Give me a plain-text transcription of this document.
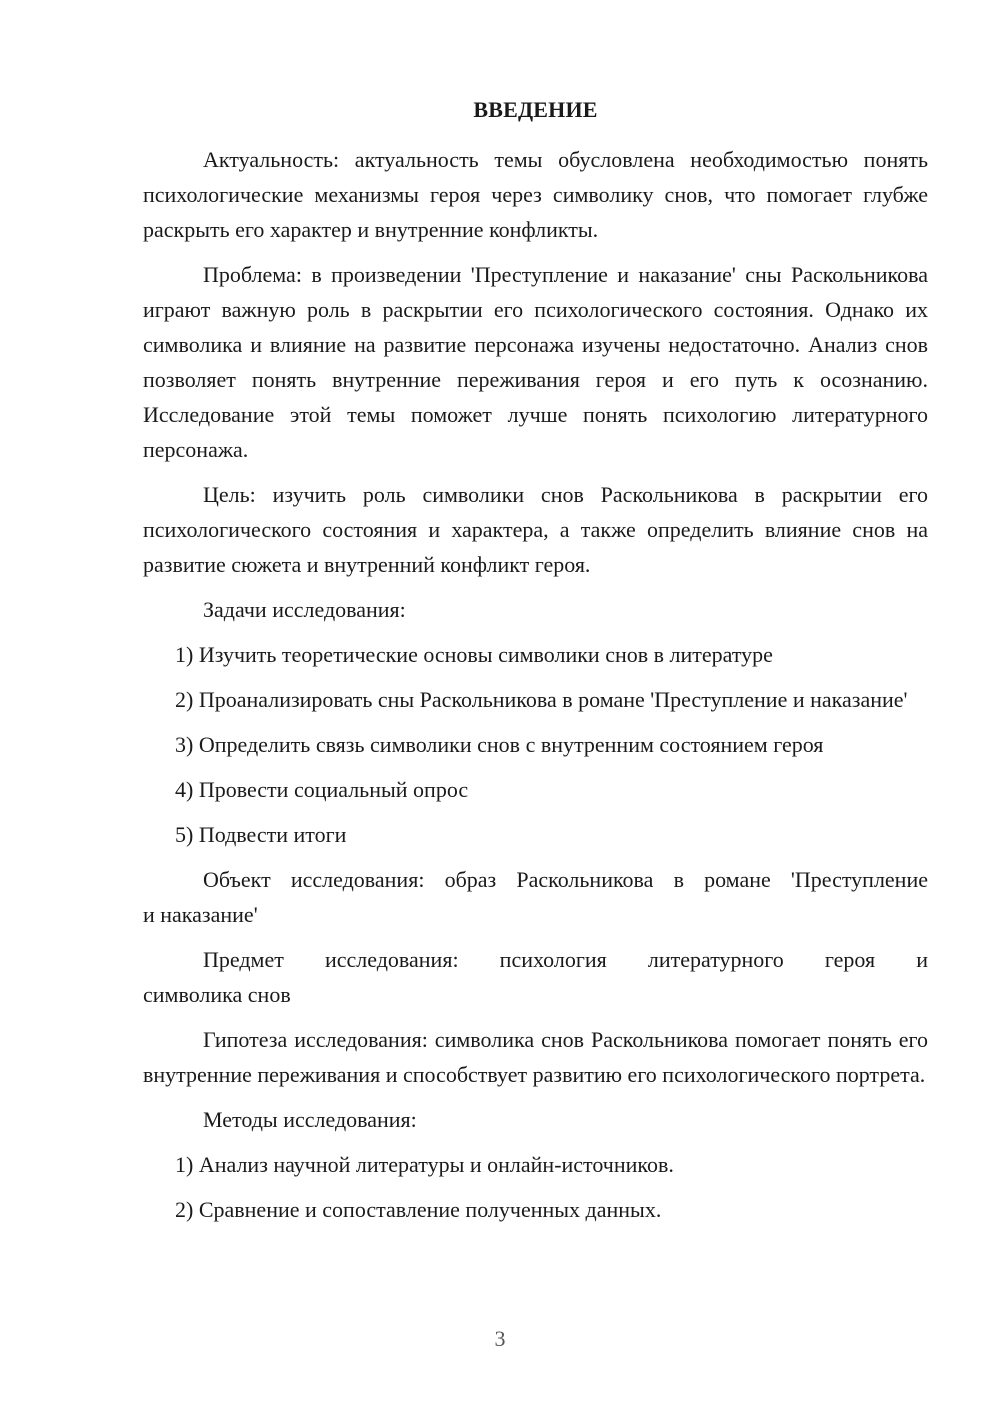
ВВЕДЕНИЕ
Актуальность: актуальность темы обусловлена необходимостью понять психологические механизмы героя через символику снов, что помогает глубже раскрыть его характер и внутренние конфликты.
Проблема: в произведении 'Преступление и наказание' сны Раскольникова играют важную роль в раскрытии его психологического состояния. Однако их символика и влияние на развитие персонажа изучены недостаточно. Анализ снов позволяет понять внутренние переживания героя и его путь к осознанию. Исследование этой темы поможет лучше понять психологию литературного персонажа.
Цель: изучить роль символики снов Раскольникова в раскрытии его психологического состояния и характера, а также определить влияние снов на развитие сюжета и внутренний конфликт героя.
Задачи исследования:
1) Изучить теоретические основы символики снов в литературе
2) Проанализировать сны Раскольникова в романе 'Преступление и наказание'
3) Определить связь символики снов с внутренним состоянием героя
4) Провести социальный опрос
5) Подвести итоги
Объект исследования: образ Раскольникова в романе 'Преступление
и наказание'
Предмет исследования: психология литературного героя и
символика снов
Гипотеза исследования: символика снов Раскольникова помогает понять его внутренние переживания и способствует развитию его психологического портрета.
Методы исследования:
1) Анализ научной литературы и онлайн-источников.
2) Сравнение и сопоставление полученных данных.
3
